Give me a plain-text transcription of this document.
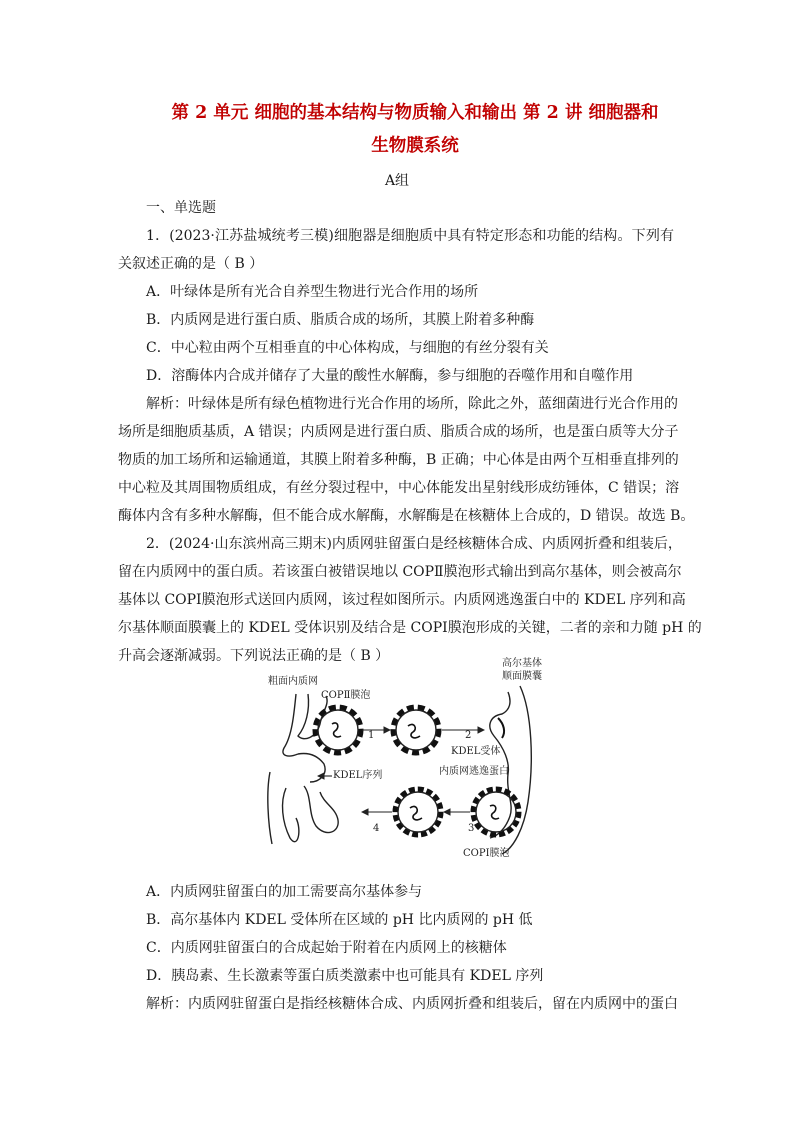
第 2 单元 细胞的基本结构与物质输入和输出 第 2 讲 细胞器和
生物膜系统
A组
一、单选题
1．(2023·江苏盐城统考三模)细胞器是细胞质中具有特定形态和功能的结构。下列有
关叙述正确的是（ B ）
A．叶绿体是所有光合自养型生物进行光合作用的场所
B．内质网是进行蛋白质、脂质合成的场所，其膜上附着多种酶
C．中心粒由两个互相垂直的中心体构成，与细胞的有丝分裂有关
D．溶酶体内合成并储存了大量的酸性水解酶，参与细胞的吞噬作用和自噬作用
解析：叶绿体是所有绿色植物进行光合作用的场所，除此之外，蓝细菌进行光合作用的
场所是细胞质基质，A 错误；内质网是进行蛋白质、脂质合成的场所，也是蛋白质等大分子
物质的加工场所和运输通道，其膜上附着多种酶，B 正确；中心体是由两个互相垂直排列的
中心粒及其周围物质组成，有丝分裂过程中，中心体能发出星射线形成纺锤体，C 错误；溶
酶体内含有多种水解酶，但不能合成水解酶，水解酶是在核糖体上合成的，D 错误。故选 B。
2．(2024·山东滨州高三期末)内质网驻留蛋白是经核糖体合成、内质网折叠和组装后，
留在内质网中的蛋白质。若该蛋白被错误地以 COPⅡ膜泡形式输出到高尔基体，则会被高尔
基体以 COPⅠ膜泡形式送回内质网，该过程如图所示。内质网逃逸蛋白中的 KDEL 序列和高
尔基体顺面膜囊上的 KDEL 受体识别及结合是 COPⅠ膜泡形成的关键，二者的亲和力随 pH 的
升高会逐渐减弱。下列说法正确的是（ B ）
粗面内质网
COPⅡ膜泡
高尔基体
顺面膜囊
KDEL受体
内质网逃逸蛋白
KDEL序列
COPⅠ膜泡
1	2
3
4
A．内质网驻留蛋白的加工需要高尔基体参与
B．高尔基体内 KDEL 受体所在区域的 pH 比内质网的 pH 低
C．内质网驻留蛋白的合成起始于附着在内质网上的核糖体
D．胰岛素、生长激素等蛋白质类激素中也可能具有 KDEL 序列
解析：内质网驻留蛋白是指经核糖体合成、内质网折叠和组装后，留在内质网中的蛋白
